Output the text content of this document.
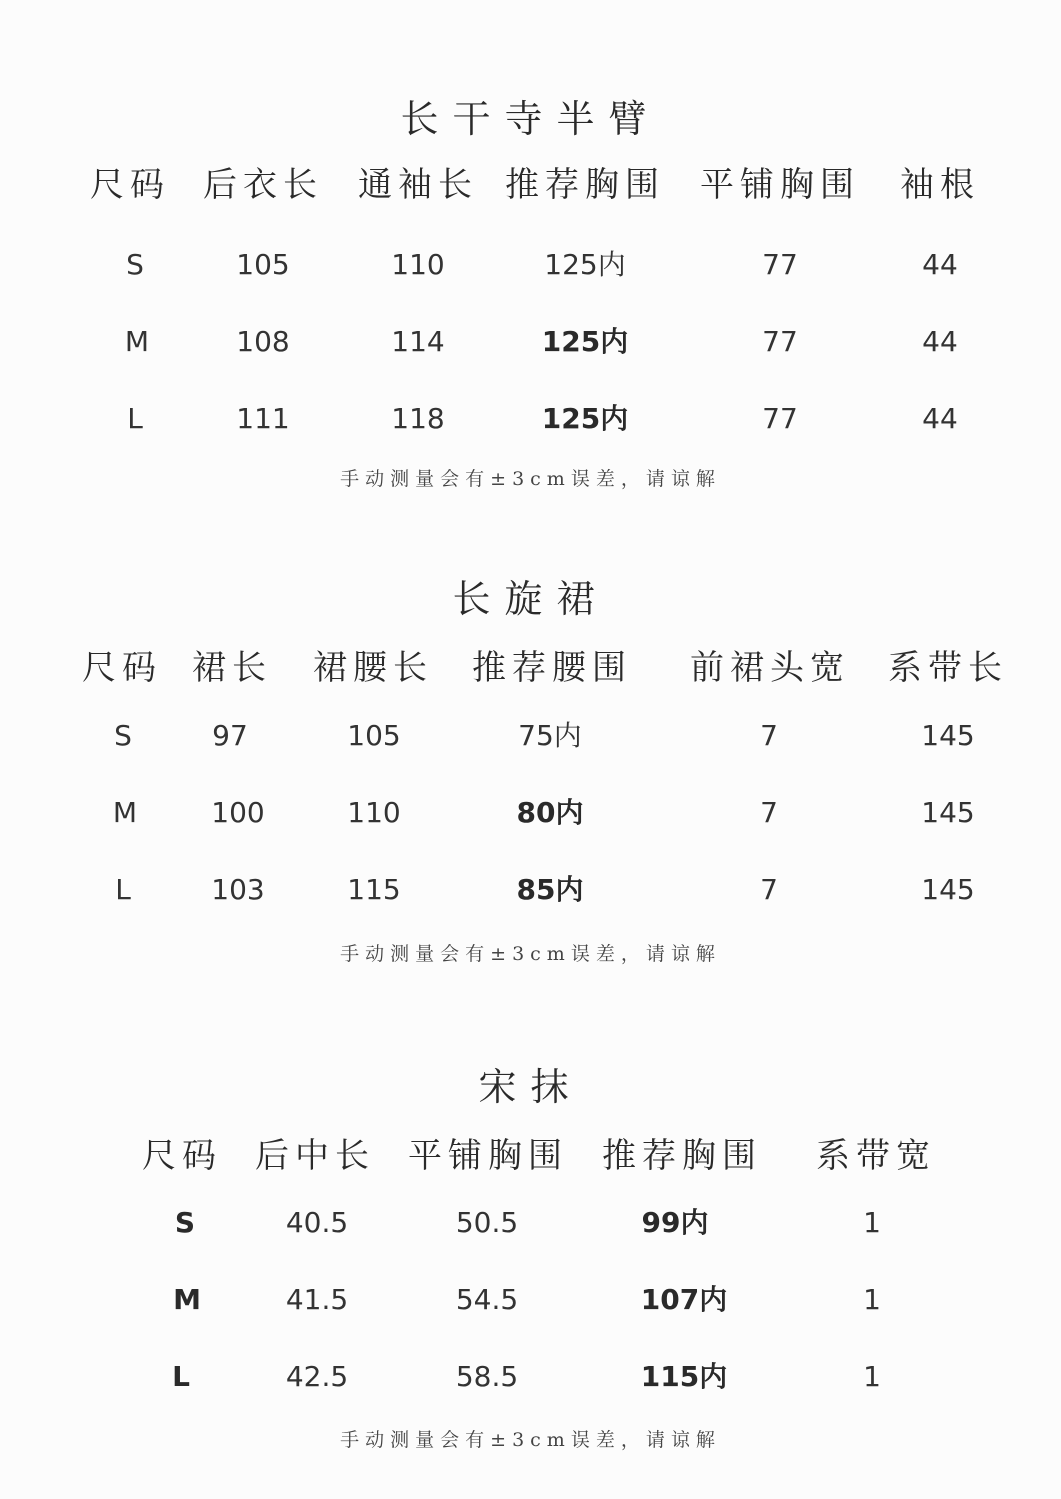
长干寺半臂
尺码 后衣长 通袖长 推荐胸围 平铺胸围 袖根
S	105	110	125内	77	44
M	108	114	125内	77	44
L	111	118	125内	77	44
手动测量会有±3cm误差，请谅解
长旋裙
尺码 裙长 裙腰长 推荐腰围 前裙头宽 系带长
S	97	105	75内	7	145
M	100	110	80内	7	145
L	103	115	85内	7	145
手动测量会有±3cm误差，请谅解
宋抹
尺码 后中长 平铺胸围 推荐胸围 系带宽
S	40.5	50.5	99内	1
M	41.5	54.5	107内	1
L	42.5	58.5	115内	1
手动测量会有±3cm误差，请谅解
